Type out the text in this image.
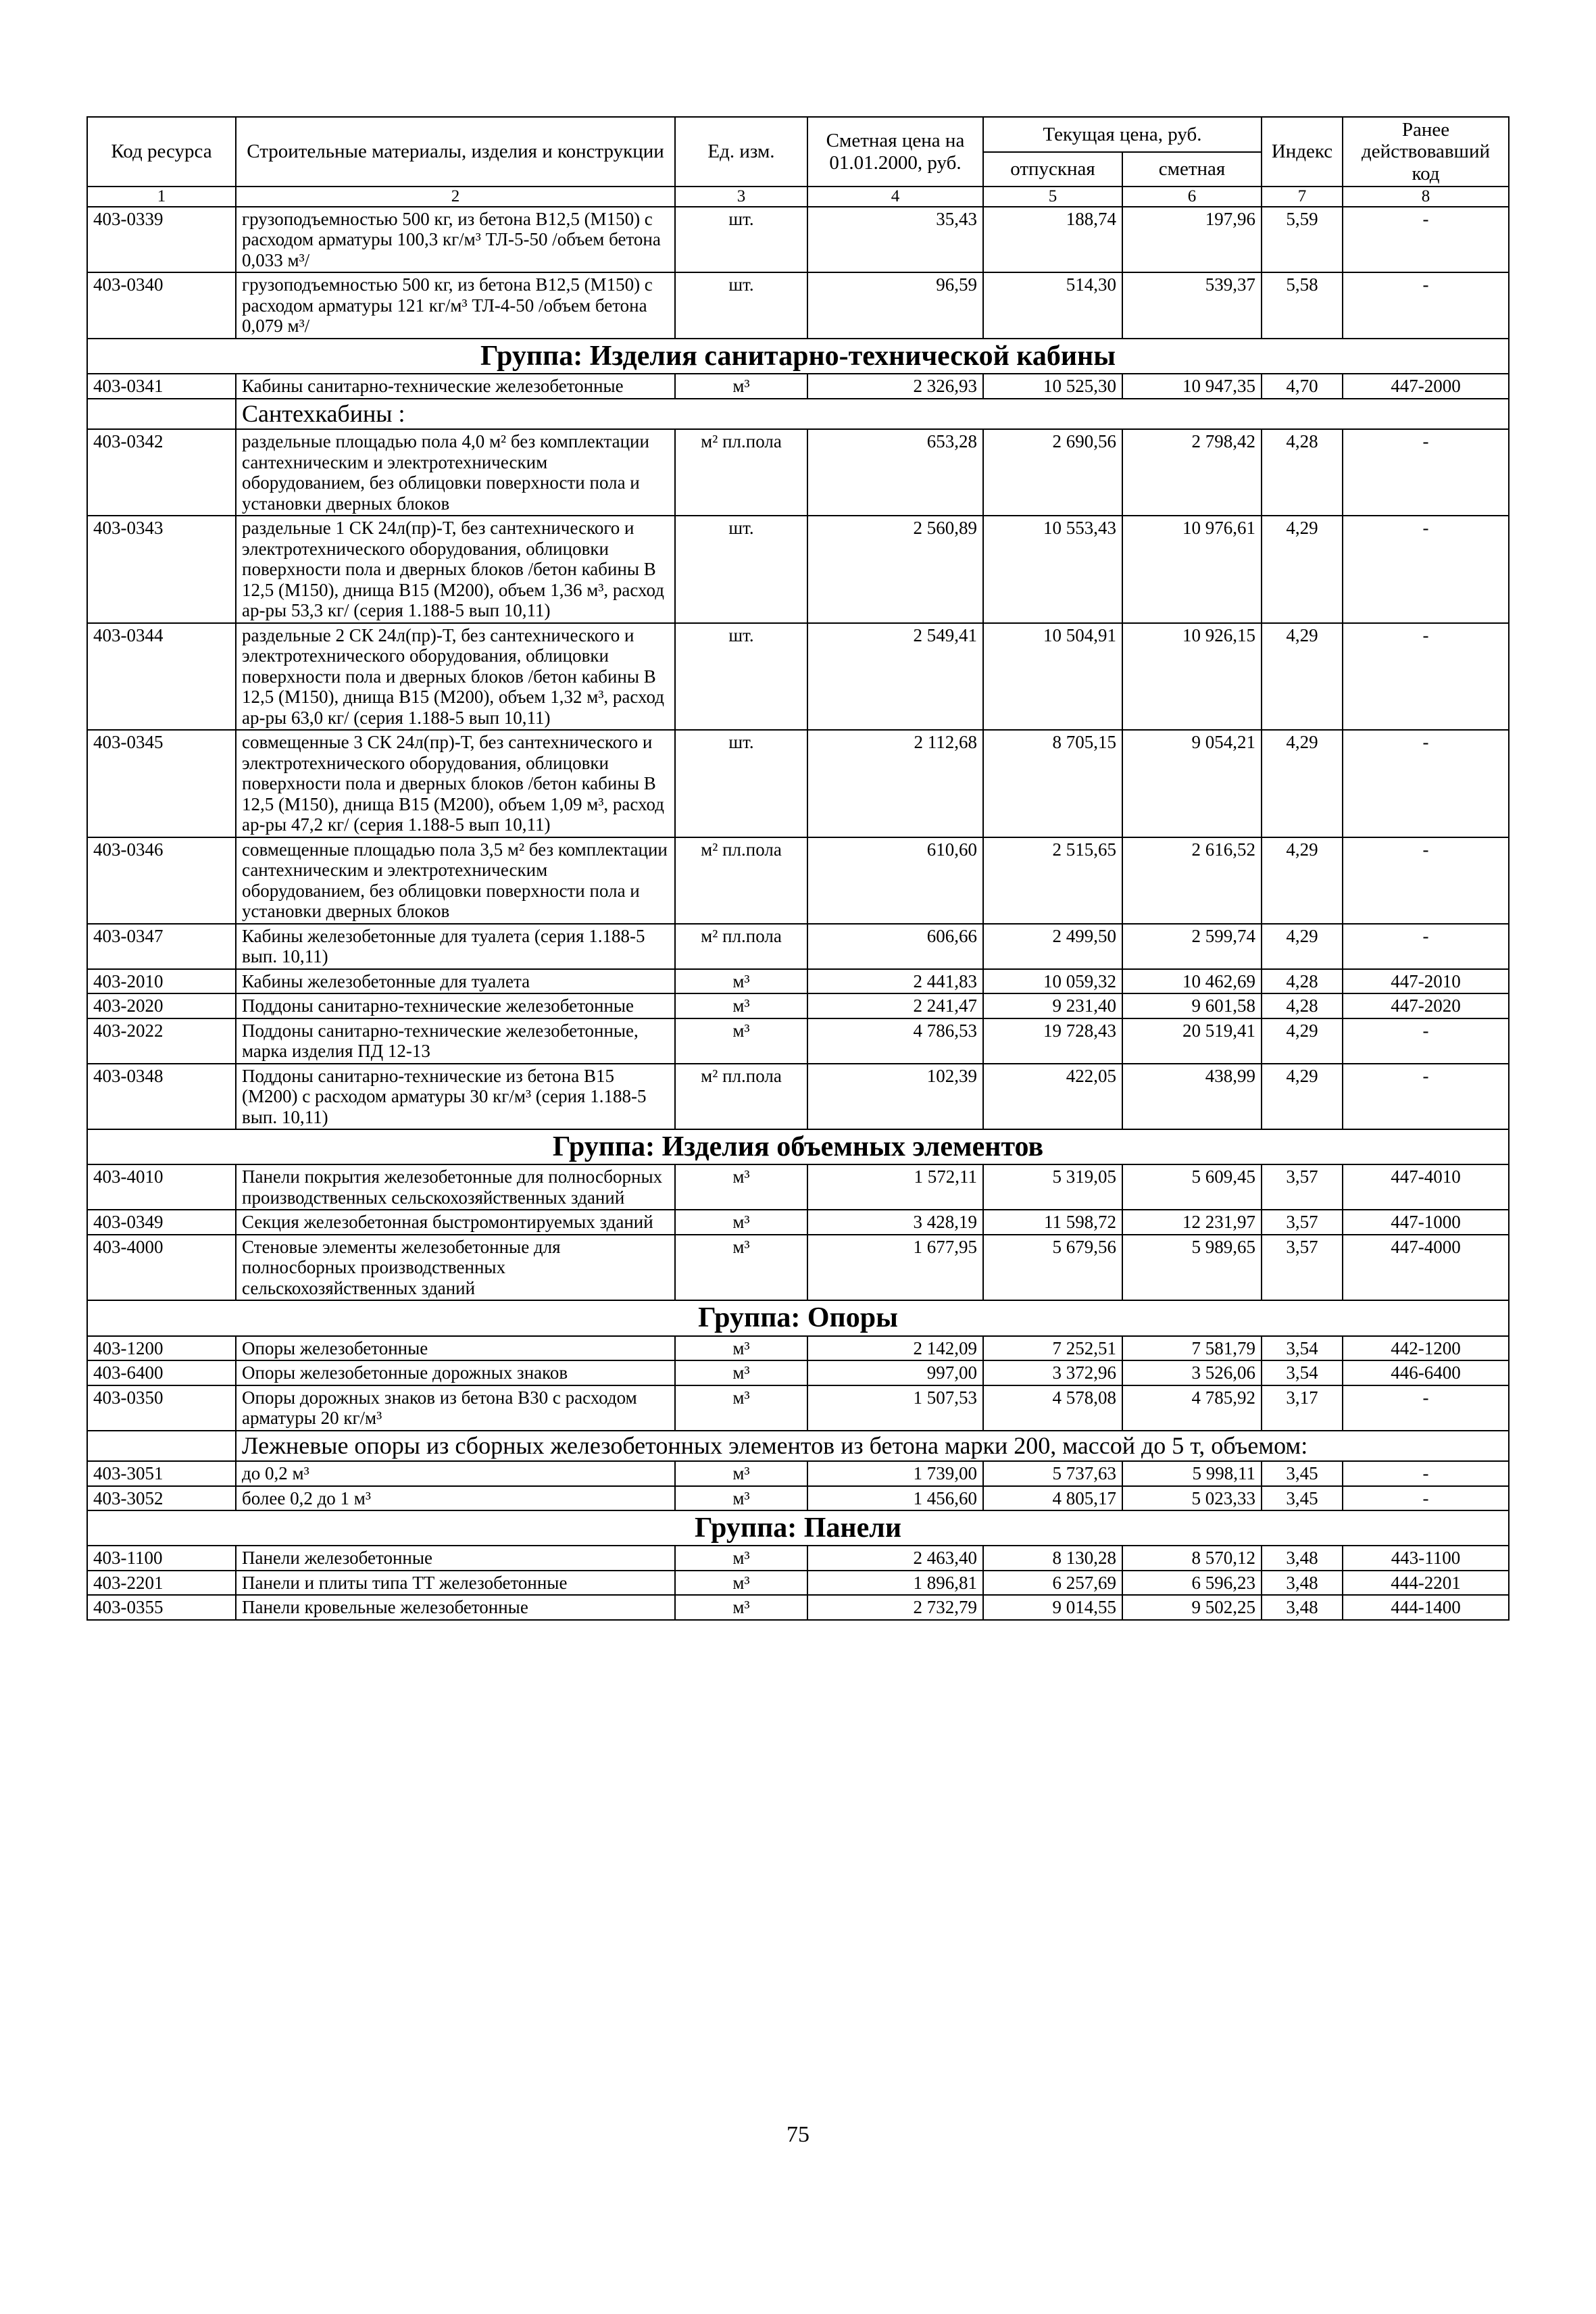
Код ресурса	Строительные материалы, изделия и конструкции	Ед. изм.	Сметная цена на 01.01.2000, руб.	Текущая цена, руб.		Индекс	Ранее действовавший код
				отпускная	сметная		
1	2	3	4	5	6	7	8
403-0339	грузоподъемностью 500 кг, из бетона В12,5 (М150) с расходом арматуры 100,3 кг/м³ ТЛ-5-50 /объем бетона 0,033 м³/	шт.	35,43	188,74	197,96	5,59	-
403-0340	грузоподъемностью 500 кг, из бетона В12,5 (М150) с расходом арматуры 121 кг/м³ ТЛ-4-50 /объем бетона 0,079 м³/	шт.	96,59	514,30	539,37	5,58	-
Группа: Изделия санитарно-технической кабины							
403-0341	Кабины санитарно-технические железобетонные	м³	2 326,93	10 525,30	10 947,35	4,70	447-2000
	Сантехкабины :						
403-0342	раздельные площадью пола 4,0 м² без комплектации сантехническим и электротехническим оборудованием, без облицовки поверхности пола и установки дверных блоков	м² пл.пола	653,28	2 690,56	2 798,42	4,28	-
403-0343	раздельные 1 СК 24л(пр)-Т, без сантехнического и электротехнического оборудования, облицовки поверхности пола и дверных блоков /бетон кабины В 12,5 (М150), днища В15 (М200), объем 1,36 м³, расход ар-ры 53,3 кг/ (серия 1.188-5 вып 10,11)	шт.	2 560,89	10 553,43	10 976,61	4,29	-
403-0344	раздельные 2 СК 24л(пр)-Т, без сантехнического и электротехнического оборудования, облицовки поверхности пола и дверных блоков /бетон кабины В 12,5 (М150), днища В15 (М200), объем 1,32 м³, расход ар-ры 63,0 кг/ (серия 1.188-5 вып 10,11)	шт.	2 549,41	10 504,91	10 926,15	4,29	-
403-0345	совмещенные 3 СК 24л(пр)-Т, без сантехнического и электротехнического оборудования, облицовки поверхности пола и дверных блоков /бетон кабины В 12,5 (М150), днища В15 (М200), объем 1,09 м³, расход ар-ры 47,2 кг/ (серия 1.188-5 вып 10,11)	шт.	2 112,68	8 705,15	9 054,21	4,29	-
403-0346	совмещенные площадью пола 3,5 м² без комплектации сантехническим и электротехническим оборудованием, без облицовки поверхности пола и установки дверных блоков	м² пл.пола	610,60	2 515,65	2 616,52	4,29	-
403-0347	Кабины железобетонные для туалета (серия 1.188-5 вып. 10,11)	м² пл.пола	606,66	2 499,50	2 599,74	4,29	-
403-2010	Кабины железобетонные для туалета	м³	2 441,83	10 059,32	10 462,69	4,28	447-2010
403-2020	Поддоны санитарно-технические железобетонные	м³	2 241,47	9 231,40	9 601,58	4,28	447-2020
403-2022	Поддоны санитарно-технические железобетонные, марка изделия ПД 12-13	м³	4 786,53	19 728,43	20 519,41	4,29	-
403-0348	Поддоны санитарно-технические из бетона В15 (М200) с расходом арматуры 30 кг/м³ (серия 1.188-5 вып. 10,11)	м² пл.пола	102,39	422,05	438,99	4,29	-
Группа: Изделия объемных элементов							
403-4010	Панели покрытия железобетонные для полносборных производственных сельскохозяйственных зданий	м³	1 572,11	5 319,05	5 609,45	3,57	447-4010
403-0349	Секция железобетонная быстромонтируемых зданий	м³	3 428,19	11 598,72	12 231,97	3,57	447-1000
403-4000	Стеновые элементы железобетонные для полносборных производственных сельскохозяйственных зданий	м³	1 677,95	5 679,56	5 989,65	3,57	447-4000
Группа: Опоры							
403-1200	Опоры железобетонные	м³	2 142,09	7 252,51	7 581,79	3,54	442-1200
403-6400	Опоры железобетонные дорожных знаков	м³	997,00	3 372,96	3 526,06	3,54	446-6400
403-0350	Опоры дорожных знаков из бетона В30 с расходом арматуры 20 кг/м³	м³	1 507,53	4 578,08	4 785,92	3,17	-
	Лежневые опоры из сборных железобетонных элементов из бетона марки 200, массой до 5 т, объемом:						
403-3051	до 0,2 м³	м³	1 739,00	5 737,63	5 998,11	3,45	-
403-3052	более 0,2 до 1 м³	м³	1 456,60	4 805,17	5 023,33	3,45	-
Группа: Панели							
403-1100	Панели железобетонные	м³	2 463,40	8 130,28	8 570,12	3,48	443-1100
403-2201	Панели и плиты типа ТТ железобетонные	м³	1 896,81	6 257,69	6 596,23	3,48	444-2201
403-0355	Панели кровельные железобетонные	м³	2 732,79	9 014,55	9 502,25	3,48	444-1400
75
